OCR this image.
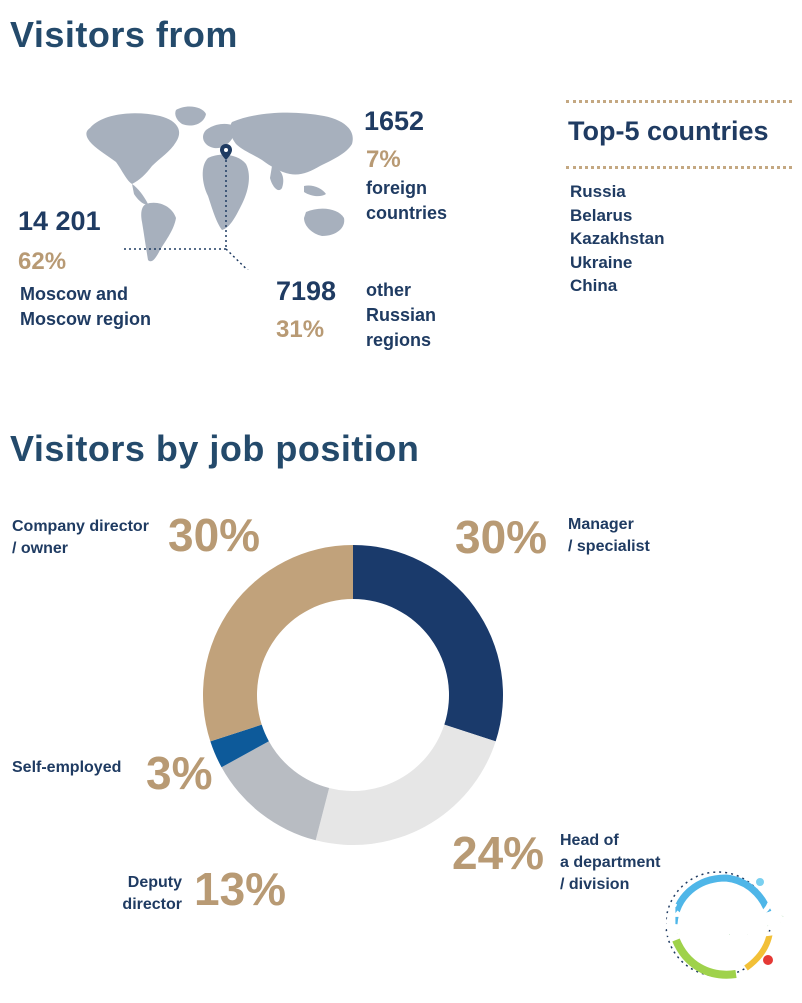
Visitors from
1652
7%
foreign
countries
14 201
62%
Moscow and
Moscow region
7198
31%
other
Russian
regions
Top-5 countries
Russia
Belarus
Kazakhstan
Ukraine
China
Visitors by job position
Company director
/ owner	30%	30% Manager
/ specialist
Self-employed 3%
Deputy
director 13%
24% Head of
a department
/ division
世界展会
